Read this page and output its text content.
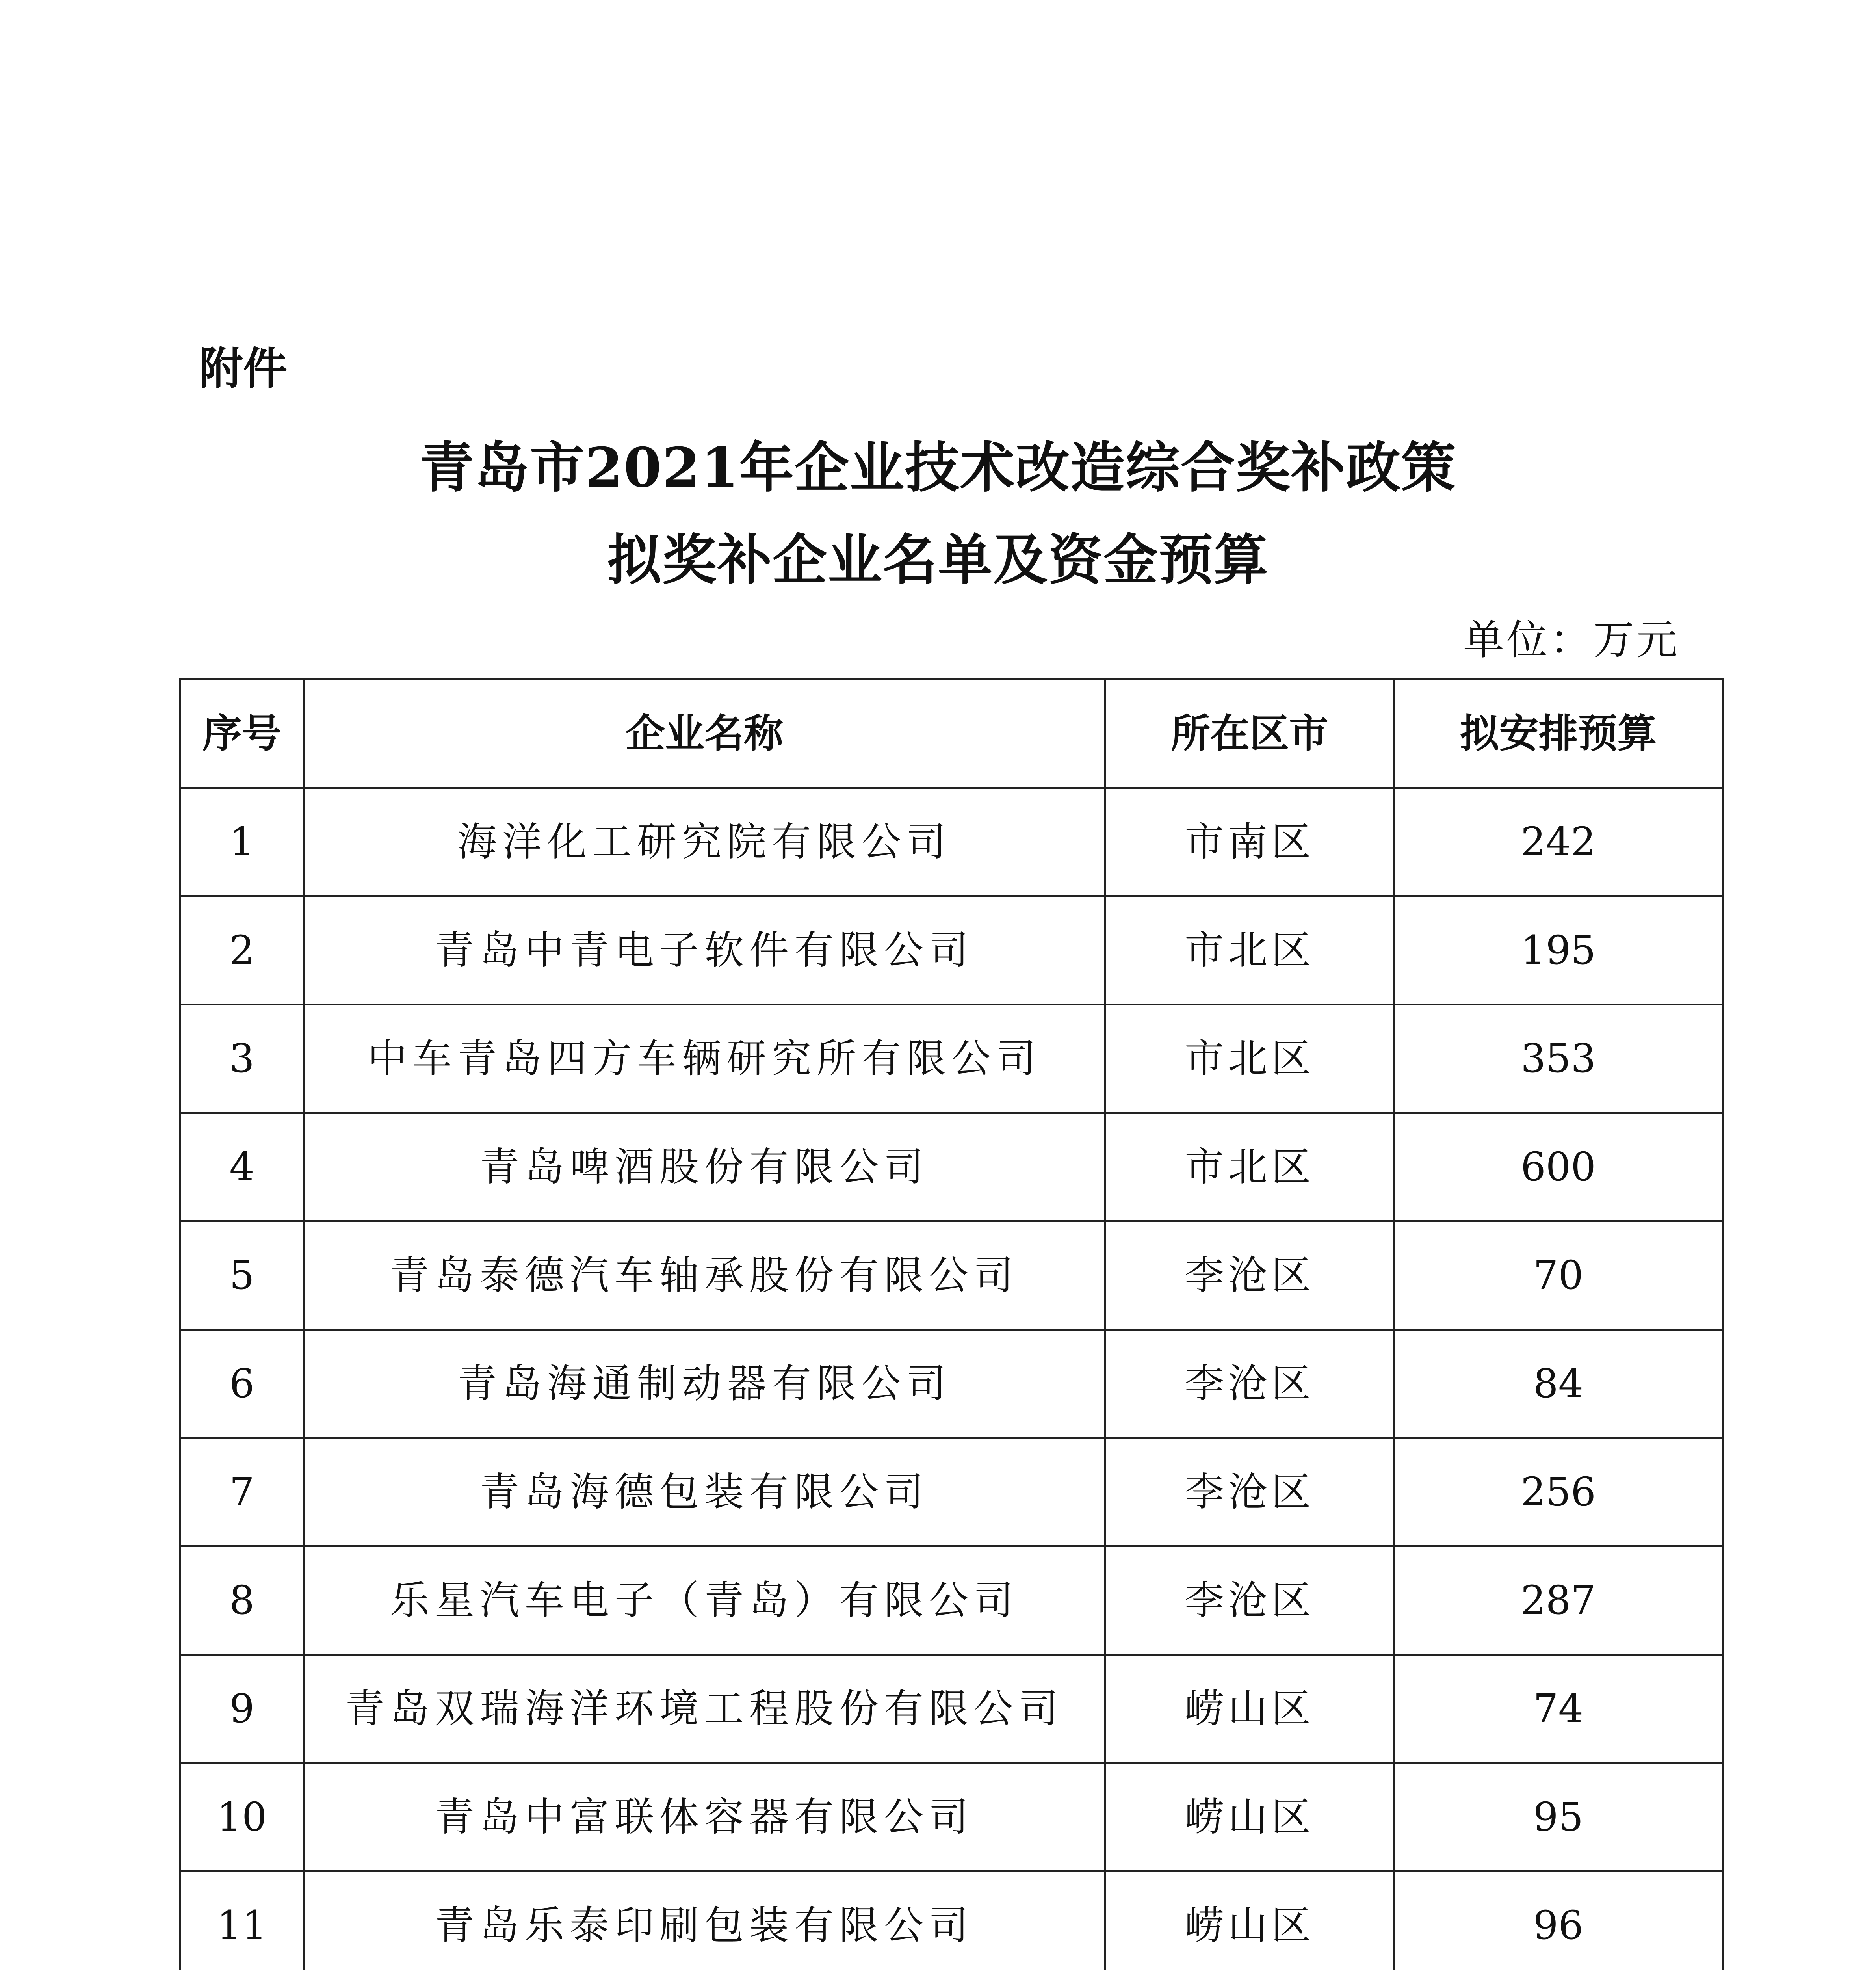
附件
青岛市2021年企业技术改造综合奖补政策
拟奖补企业名单及资金预算
单位：万元
序号	企业名称	所在区市	拟安排预算
1	海洋化工研究院有限公司	市南区	242
2	青岛中青电子软件有限公司	市北区	195
3	中车青岛四方车辆研究所有限公司	市北区	353
4	青岛啤酒股份有限公司	市北区	600
5	青岛泰德汽车轴承股份有限公司	李沧区	70
6	青岛海通制动器有限公司	李沧区	84
7	青岛海德包装有限公司	李沧区	256
8	乐星汽车电子（青岛）有限公司	李沧区	287
9	青岛双瑞海洋环境工程股份有限公司	崂山区	74
10	青岛中富联体容器有限公司	崂山区	95
11	青岛乐泰印刷包装有限公司	崂山区	96
